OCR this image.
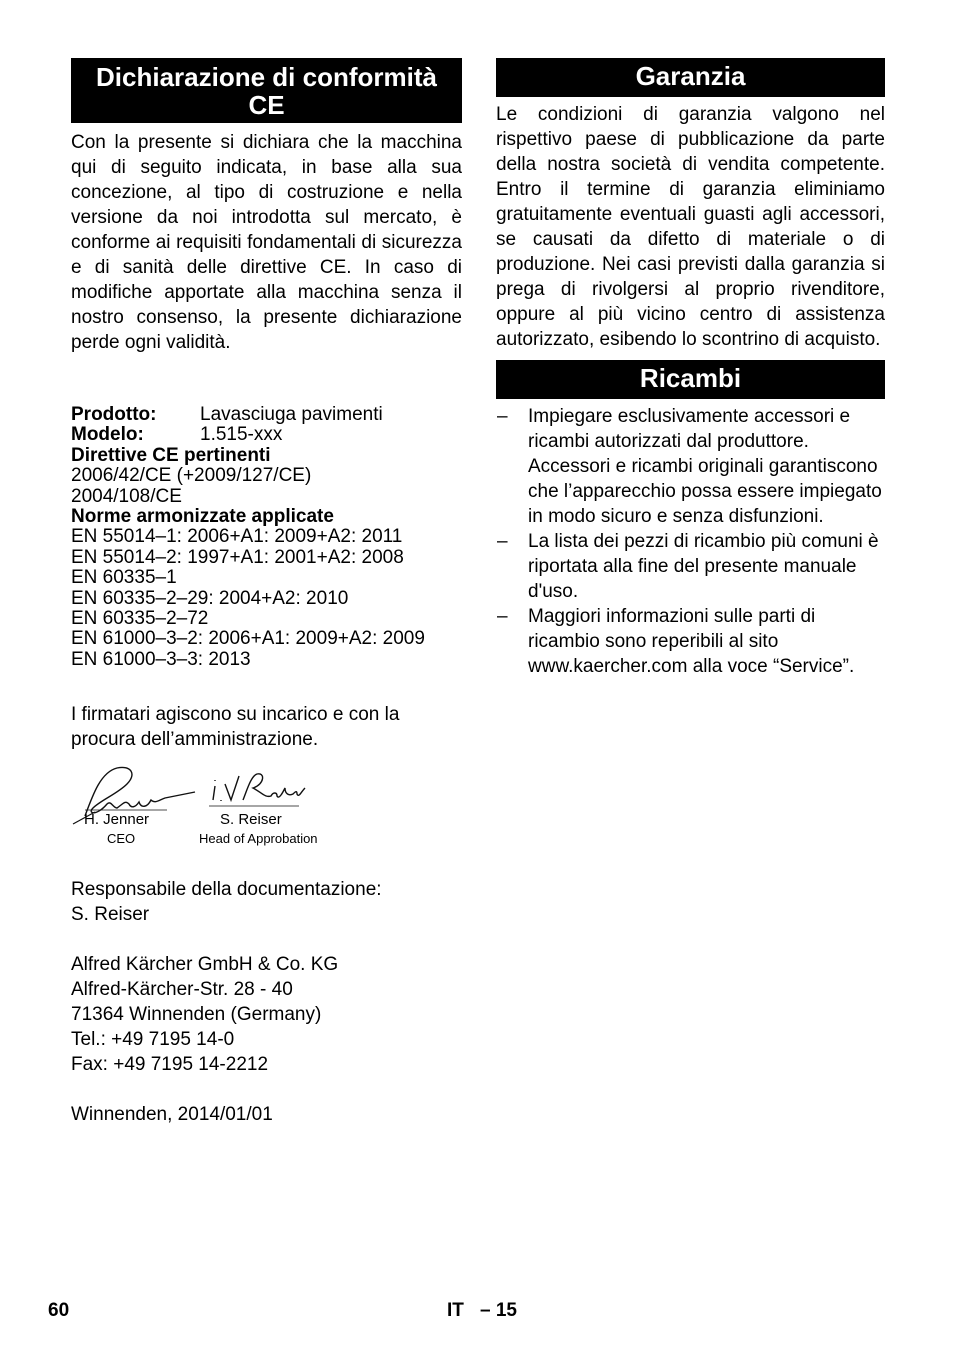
Dichiarazione di conformità CE

Con la presente si dichiara che la macchina qui di seguito indicata, in base alla sua concezione, al tipo di costruzione e nella versione da noi introdotta sul mercato, è conforme ai requisiti fondamentali di sicurezza e di sanità delle direttive CE. In caso di modifiche apportate alla macchina senza il nostro consenso, la presente dichiarazione perde ogni validità.

Prodotto:	Lavasciuga pavimenti
Modelo:	1.515-xxx
Direttive CE pertinenti
2006/42/CE (+2009/127/CE)
2004/108/CE
Norme armonizzate applicate
EN 55014–1: 2006+A1: 2009+A2: 2011
EN 55014–2: 1997+A1: 2001+A2: 2008
EN 60335–1
EN 60335–2–29: 2004+A2: 2010
EN 60335–2–72
EN 61000–3–2: 2006+A1: 2009+A2: 2009
EN 61000–3–3: 2013

I firmatari agiscono su incarico e con la procura dell’amministrazione.

H. Jenner
CEO
S. Reiser
Head of Approbation
Responsabile della documentazione:
S. Reiser
Alfred Kärcher GmbH & Co. KG
Alfred-Kärcher-Str. 28 - 40
71364 Winnenden (Germany)
Tel.: +49 7195 14-0
Fax: +49 7195 14-2212
Winnenden, 2014/01/01
Garanzia

Le condizioni di garanzia valgono nel rispettivo paese di pubblicazione da parte della nostra società di vendita competente. Entro il termine di garanzia eliminiamo gratuitamente eventuali guasti agli accessori, se causati da difetto di materiale o di produzione. Nei casi previsti dalla garanzia si prega di rivolgersi al proprio rivenditore, oppure al più vicino centro di assistenza autorizzato, esibendo lo scontrino di acquisto.

Ricambi
– Impiegare esclusivamente accessori e ricambi autorizzati dal produttore. Accessori e ricambi originali garantiscono che l’apparecchio possa essere impiegato in modo sicuro e senza disfunzioni.
– La lista dei pezzi di ricambio più comuni è riportata alla fine del presente manuale d'uso.
– Maggiori informazioni sulle parti di ricambio sono reperibili al sito www.kaercher.com alla voce “Service”.
60	IT – 15
